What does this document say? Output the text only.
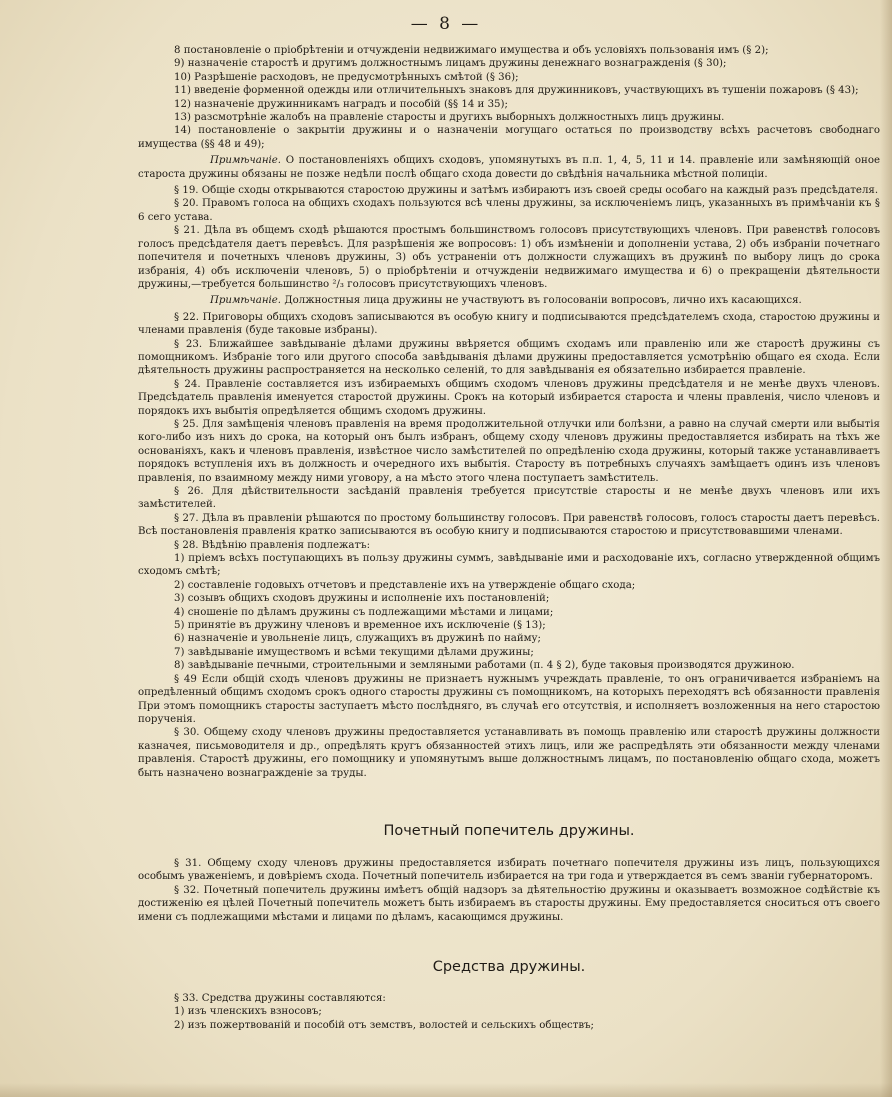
— 8 —

8 постановленіе о пріобрѣтеніи и отчужденіи недвижимаго имущества и объ условіяхъ пользованія имъ (§ 2);

9) назначеніе старостѣ и другимъ должностнымъ лицамъ дружины денежнаго вознагражденія (§ 30);

10) Разрѣшеніе расходовъ, не предусмотрѣнныхъ смѣтой (§ 36);

11) введеніе форменной одежды или отличительныхъ знаковъ для дружинниковъ, участвующихъ въ тушеніи пожаровъ (§ 43);

12) назначеніе дружинникамъ наградъ и пособій (§§ 14 и 35);

13) разсмотрѣніе жалобъ на правленіе старосты и другихъ выборныхъ должностныхъ лицъ дружины.

14) постановленіе о закрытіи дружины и о назначеніи могущаго остаться по производству всѣхъ расчетовъ свободнаго имущества (§§ 48 и 49);

Примѣчаніе. О постановленіяхъ общихъ сходовъ, упомянутыхъ въ п.п. 1, 4, 5, 11 и 14. правленіе или замѣняющій оное староста дружины обязаны не позже недѣли послѣ общаго схода довести до свѣдѣнія начальника мѣстной полиціи.

§ 19. Общіе сходы открываются старостою дружины и затѣмъ избираютъ изъ своей среды особаго на каждый разъ предсѣдателя.

§ 20. Правомъ голоса на общихъ сходахъ пользуются всѣ члены дружины, за исключеніемъ лицъ, указанныхъ въ примѣчаніи къ § 6 сего устава.

§ 21. Дѣла въ общемъ сходѣ рѣшаются простымъ большинствомъ голосовъ присутствующихъ членовъ. При равенствѣ голосовъ голосъ предсѣдателя даетъ перевѣсъ. Для разрѣшенія же вопросовъ: 1) объ измѣненіи и дополненіи устава, 2) объ избраніи почетнаго попечителя и почетныхъ членовъ дружины, 3) объ устраненіи отъ должности служащихъ въ дружинѣ по выбору лицъ до срока избранія, 4) объ исключеніи членовъ, 5) о пріобрѣтеніи и отчужденіи недвижимаго имущества и 6) о прекращеніи дѣятельности дружины,—требуется большинство ²/₃ голосовъ присутствующихъ членовъ.

Примѣчаніе. Должностныя лица дружины не участвуютъ въ голосованіи вопросовъ, лично ихъ касающихся.

§ 22. Приговоры общихъ сходовъ записываются въ особую книгу и подписываются предсѣдателемъ схода, старостою дружины и членами правленія (буде таковые избраны).

§ 23. Ближайшее завѣдываніе дѣлами дружины ввѣряется общимъ сходамъ или правленію или же старостѣ дружины съ помощникомъ. Избраніе того или другого способа завѣдыванія дѣлами дружины предоставляется усмотрѣнію общаго ея схода. Если дѣятельность дружины распространяется на несколько селеній, то для завѣдыванія ея обязательно избирается правленіе.

§ 24. Правленіе составляется изъ избираемыхъ общимъ сходомъ членовъ дружины предсѣдателя и не менѣе двухъ членовъ. Предсѣдатель правленія именуется старостой дружины. Срокъ на который избирается староста и члены правленія, число членовъ и порядокъ ихъ выбытія опредѣляется общимъ сходомъ дружины.

§ 25. Для замѣщенія членовъ правленія на время продолжительной отлучки или болѣзни, а равно на случай смерти или выбытія кого-либо изъ нихъ до срока, на который онъ былъ избранъ, общему сходу членовъ дружины предоставляется избирать на тѣхъ же основаніяхъ, какъ и членовъ правленія, извѣстное число замѣстителей по опредѣленію схода дружины, который также устанавливаетъ порядокъ вступленія ихъ въ должность и очередного ихъ выбытія. Старосту въ потребныхъ случаяхъ замѣщаетъ одинъ изъ членовъ правленія, по взаимному между ними уговору, а на мѣсто этого члена поступаетъ замѣститель.

§ 26. Для дѣйствительности засѣданій правленія требуется присутствіе старосты и не менѣе двухъ членовъ или ихъ замѣстителей.

§ 27. Дѣла въ правленіи рѣшаются по простому большинству голосовъ. При равенствѣ голосовъ, голосъ старосты даетъ перевѣсъ. Всѣ постановленія правленія кратко записываются въ особую книгу и подписываются старостою и присутствовавшими членами.

§ 28. Вѣдѣнію правленія подлежатъ:

1) пріемъ всѣхъ поступающихъ въ пользу дружины суммъ, завѣдываніе ими и расходованіе ихъ, согласно утвержденной общимъ сходомъ смѣтѣ;

2) составленіе годовыхъ отчетовъ и представленіе ихъ на утвержденіе общаго схода;

3) созывъ общихъ сходовъ дружины и исполненіе ихъ постановленій;

4) сношеніе по дѣламъ дружины съ подлежащими мѣстами и лицами;

5) принятіе въ дружину членовъ и временное ихъ исключеніе (§ 13);

6) назначеніе и увольненіе лицъ, служащихъ въ дружинѣ по найму;

7) завѣдываніе имуществомъ и всѣми текущими дѣлами дружины;

8) завѣдываніе печными, строительными и земляными работами (п. 4 § 2), буде таковыя производятся дружиною.

§ 49 Если общій сходъ членовъ дружины не признаетъ нужнымъ учреждать правленіе, то онъ ограничивается избраніемъ на опредѣленный общимъ сходомъ срокъ одного старосты дружины съ помощникомъ, на которыхъ переходятъ всѣ обязанности правленія При этомъ помощникъ старосты заступаетъ мѣсто послѣдняго, въ случаѣ его отсутствія, и исполняетъ возложенныя на него старостою порученія.

§ 30. Общему сходу членовъ дружины предоставляется устанавливать въ помощь правленію или старостѣ дружины должности казначея, письмоводителя и др., опредѣлять кругъ обязанностей этихъ лицъ, или же распредѣлять эти обязанности между членами правленія. Старостѣ дружины, его помощнику и упомянутымъ выше должностнымъ лицамъ, по постановленію общаго схода, можетъ быть назначено вознагражденіе за труды.

Почетный попечитель дружины.

§ 31. Общему сходу членовъ дружины предоставляется избирать почетнаго попечителя дружины изъ лицъ, пользующихся особымъ уваженіемъ, и довѣріемъ схода. Почетный попечитель избирается на три года и утверждается въ семъ званіи губернаторомъ.

§ 32. Почетный попечитель дружины имѣетъ общій надзоръ за дѣятельностію дружины и оказываетъ возможное содѣйствіе къ достиженію ея цѣлей Почетный попечитель можетъ быть избираемъ въ старосты дружины. Ему предоставляется сноситься отъ своего имени съ подлежащими мѣстами и лицами по дѣламъ, касающимся дружины.

Средства дружины.

§ 33. Средства дружины составляются:

1) изъ членскихъ взносовъ;

2) изъ пожертвованій и пособій отъ земствъ, волостей и сельскихъ обществъ;
